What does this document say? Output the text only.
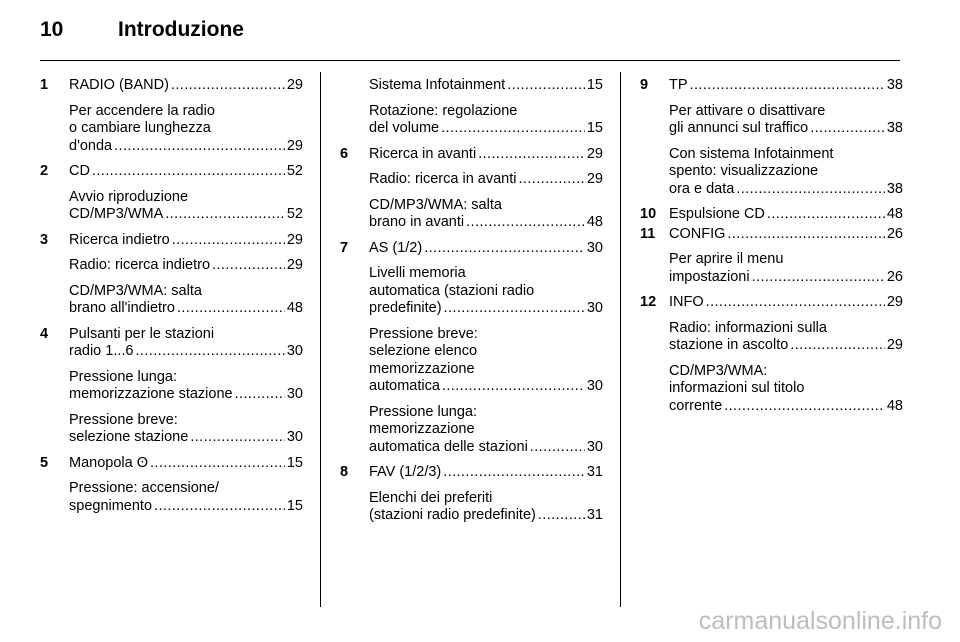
10	Introduzione
1	RADIO (BAND) .....	29
Per accendere la radio
o cambiare lunghezza
d'onda .....	29
2	CD .....	52
Avvio riproduzione
CD/MP3/WMA .....	52
3	Ricerca indietro .....	29
Radio: ricerca indietro .....	29
CD/MP3/WMA: salta
brano all'indietro .....	48
4	Pulsanti per le stazioni
radio 1...6 .....	30
Pressione lunga:
memorizzazione stazione .....	30
Pressione breve:
selezione stazione .....	30
5	Manopola ʘ .....	15
Pressione: accensione/
spegnimento .....	15
Sistema Infotainment .....	15
Rotazione: regolazione
del volume .....	15
6	Ricerca in avanti .....	29
Radio: ricerca in avanti .....	29
CD/MP3/WMA: salta
brano in avanti .....	48
7	AS (1/2) .....	30
Livelli memoria
automatica (stazioni radio
predefinite) .....	30
Pressione breve:
selezione elenco
memorizzazione
automatica .....	30
Pressione lunga:
memorizzazione
automatica delle stazioni .....	30
8	FAV (1/2/3) .....	31
Elenchi dei preferiti
(stazioni radio predefinite) .....	31
9	TP .....	38
Per attivare o disattivare
gli annunci sul traffico .....	38
Con sistema Infotainment
spento: visualizzazione
ora e data .....	38
10 Espulsione CD .....	48
11 CONFIG .....	26
Per aprire il menu
impostazioni .....	26
12 INFO .....	29
Radio: informazioni sulla
stazione in ascolto .....	29
CD/MP3/WMA:
informazioni sul titolo
corrente .....	48
carmanualsonline.info
